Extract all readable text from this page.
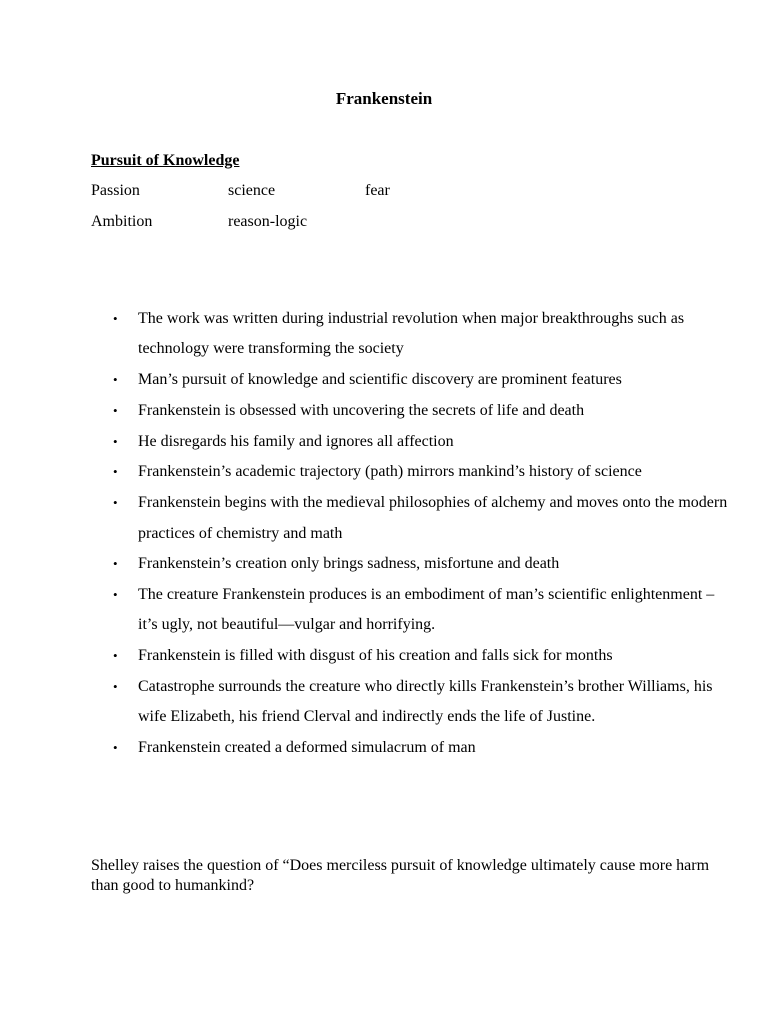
Frankenstein
Pursuit of Knowledge
Passion	science	fear
Ambition	reason-logic
• The work was written during industrial revolution when major breakthroughs such as technology were transforming the society
• Man’s pursuit of knowledge and scientific discovery are prominent features
• Frankenstein is obsessed with uncovering the secrets of life and death
• He disregards his family and ignores all affection
• Frankenstein’s academic trajectory (path) mirrors mankind’s history of science
• Frankenstein begins with the medieval philosophies of alchemy and moves onto the modern practices of chemistry and math
• Frankenstein’s creation only brings sadness, misfortune and death
• The creature Frankenstein produces is an embodiment of man’s scientific enlightenment – it’s ugly, not beautiful—vulgar and horrifying.
• Frankenstein is filled with disgust of his creation and falls sick for months
• Catastrophe surrounds the creature who directly kills Frankenstein’s brother Williams, his wife Elizabeth, his friend Clerval and indirectly ends the life of Justine.
• Frankenstein created a deformed simulacrum of man

Shelley raises the question of “Does merciless pursuit of knowledge ultimately cause more harm than good to humankind?
